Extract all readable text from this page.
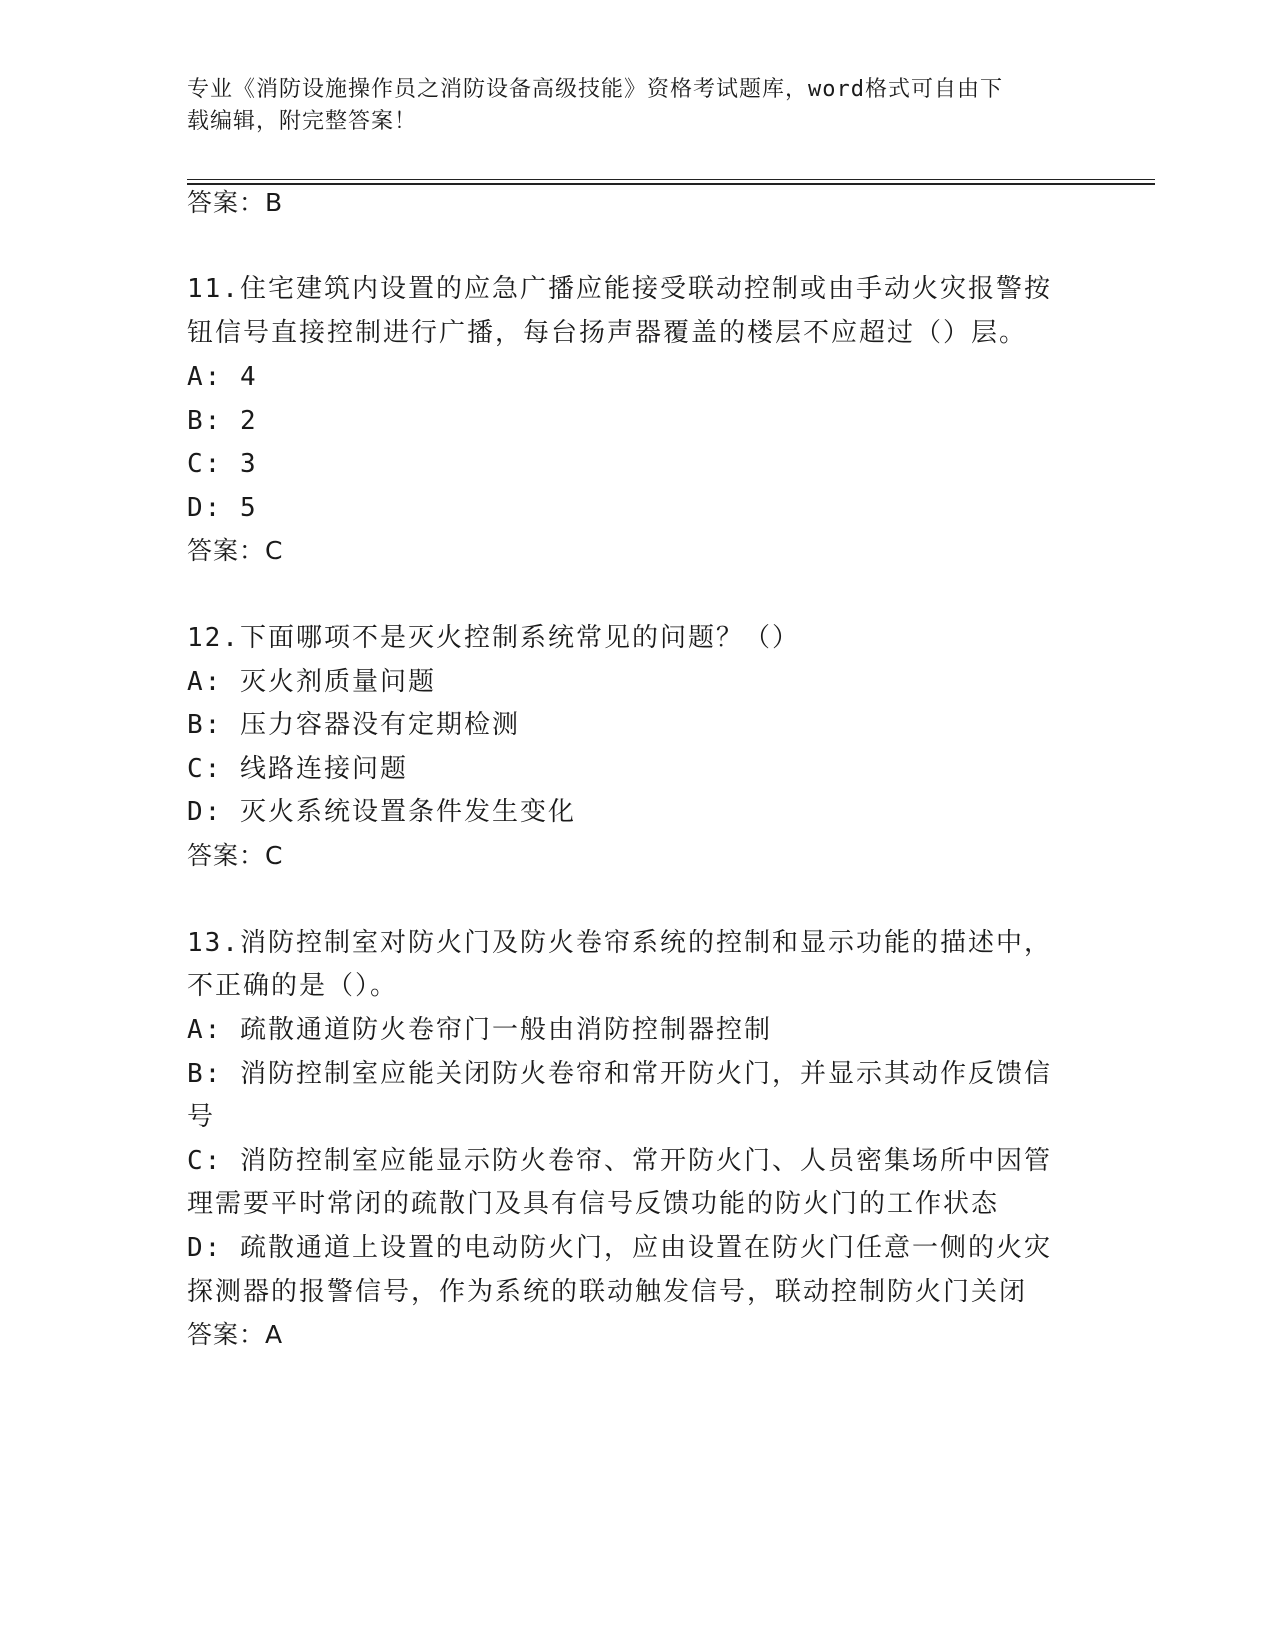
专业《消防设施操作员之消防设备高级技能》资格考试题库，word格式可自由下
载编辑，附完整答案！
答案：B
11.住宅建筑内设置的应急广播应能接受联动控制或由手动火灾报警按
钮信号直接控制进行广播，每台扬声器覆盖的楼层不应超过（）层。
A: 4
B: 2
C: 3
D: 5
答案：C
12.下面哪项不是灭火控制系统常见的问题？（）
A: 灭火剂质量问题
B: 压力容器没有定期检测
C: 线路连接问题
D: 灭火系统设置条件发生变化
答案：C
13.消防控制室对防火门及防火卷帘系统的控制和显示功能的描述中，
不正确的是（）。
A: 疏散通道防火卷帘门一般由消防控制器控制
B: 消防控制室应能关闭防火卷帘和常开防火门，并显示其动作反馈信
号
C: 消防控制室应能显示防火卷帘、常开防火门、人员密集场所中因管
理需要平时常闭的疏散门及具有信号反馈功能的防火门的工作状态
D: 疏散通道上设置的电动防火门，应由设置在防火门任意一侧的火灾
探测器的报警信号，作为系统的联动触发信号，联动控制防火门关闭
答案：A
